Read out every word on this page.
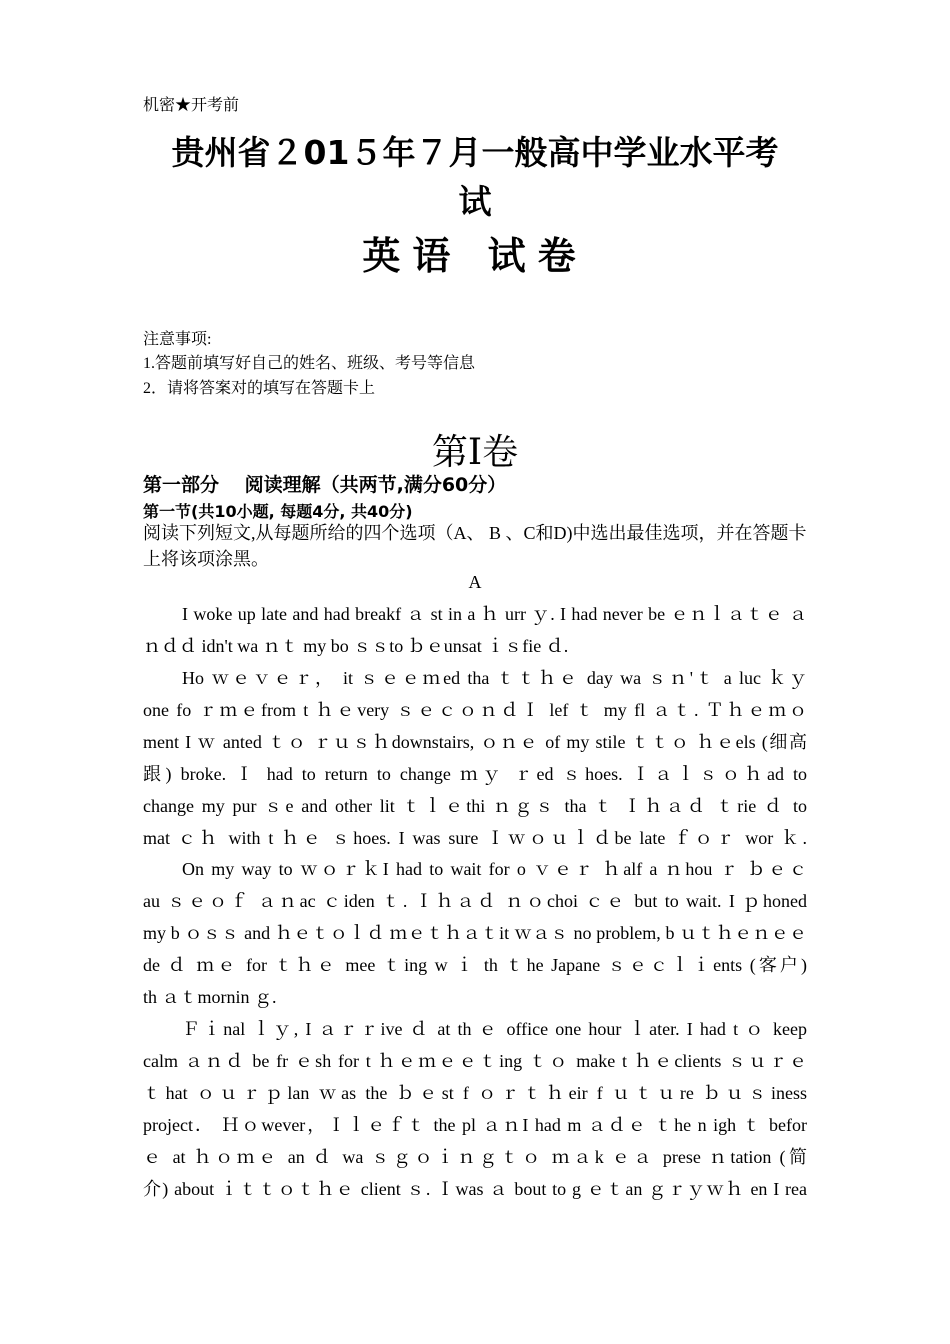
机密★开考前
贵州省２01５年７月一般高中学业水平考
试
英语 试卷
注意事项:
1.答题前填写好自己的姓名、班级、考号等信息
2．请将答案对的填写在答题卡上
第Ⅰ卷
第一部分　 阅读理解（共两节,满分60分）
第一节(共10小题, 每题4分, 共40分)
阅读下列短文,从每题所给的四个选项（A、 B 、C和D)中选出最佳选项，并在答题卡上将该项涂黑。
A
I woke up late and had breakf ａ st in a ｈ urr ｙ. I had never be ｅｎｌａｔｅ ａ
ｎｄｄ idn't wa ｎｔ my bo ｓｓto ｂｅunsat ｉｓfie ｄ.
Ho ｗｅｖｅｒ， it ｓｅｅｍed tha ｔｔｈｅ day wa ｓｎ'ｔ a luc ｋｙ
one fo ｒｍｅfrom t ｈｅvery ｓｅｃｏｎｄＩ lef ｔ my fl ａｔ. Ｔｈｅｍｏ
ment I ｗ anted ｔｏ ｒｕｓｈdownstairs, ｏｎｅ of my stile ｔｔｏ ｈｅels (细高
跟) broke. Ｉ had to return to change ｍｙ ｒed ｓhoes. Ｉａｌｓｏｈad to
change my pur ｓe and other lit ｔｌｅthi ｎｇｓ tha ｔ Ｉｈａｄ ｔrie ｄ to
mat ｃｈ with t ｈｅ ｓhoes. I was sure Ｉｗｏｕｌｄbe late ｆｏｒ wor ｋ.
On my way to ｗｏｒｋI had to wait for o ｖｅｒ ｈalf a ｎhou ｒ ｂｅｃ
au ｓｅｏｆ ａｎac ｃiden ｔ. Ｉｈａｄ ｎｏchoi ｃｅ but to wait. I ｐhoned
my b ｏｓｓ and ｈｅｔｏｌｄ ｍｅｔｈａｔit ｗａｓ no problem, b ｕｔｈｅｎｅｅ
de ｄ ｍｅ for ｔｈｅ mee ｔing w ｉ th ｔhe Japane ｓｅｃｌｉents (客户)
th ａｔmornin ｇ.
Ｆｉnal ｌｙ, I ａｒｒive ｄ at th ｅ office one hour ｌater. I had t ｏ keep
calm ａｎｄ be fr ｅsh for t ｈｅｍｅｅｔing ｔｏ make t ｈｅclients ｓｕｒｅ
ｔhat ｏｕｒｐlan ｗas the ｂｅst f ｏｒｔｈeir f ｕｔｕre ｂｕｓiness
project． Ｈｏwever，Ｉｌｅｆｔ the pl ａｎI had m ａｄｅ ｔhe n igh ｔ befor
ｅ at ｈｏｍｅ an ｄ wa ｓｇｏｉｎｇｔｏ ｍａk ｅａ prese ｎtation (简
介) about ｉｔｔｏｔｈｅ client ｓ. Ｉwas ａ bout to g ｅｔan ｇｒｙｗｈ en I rea
